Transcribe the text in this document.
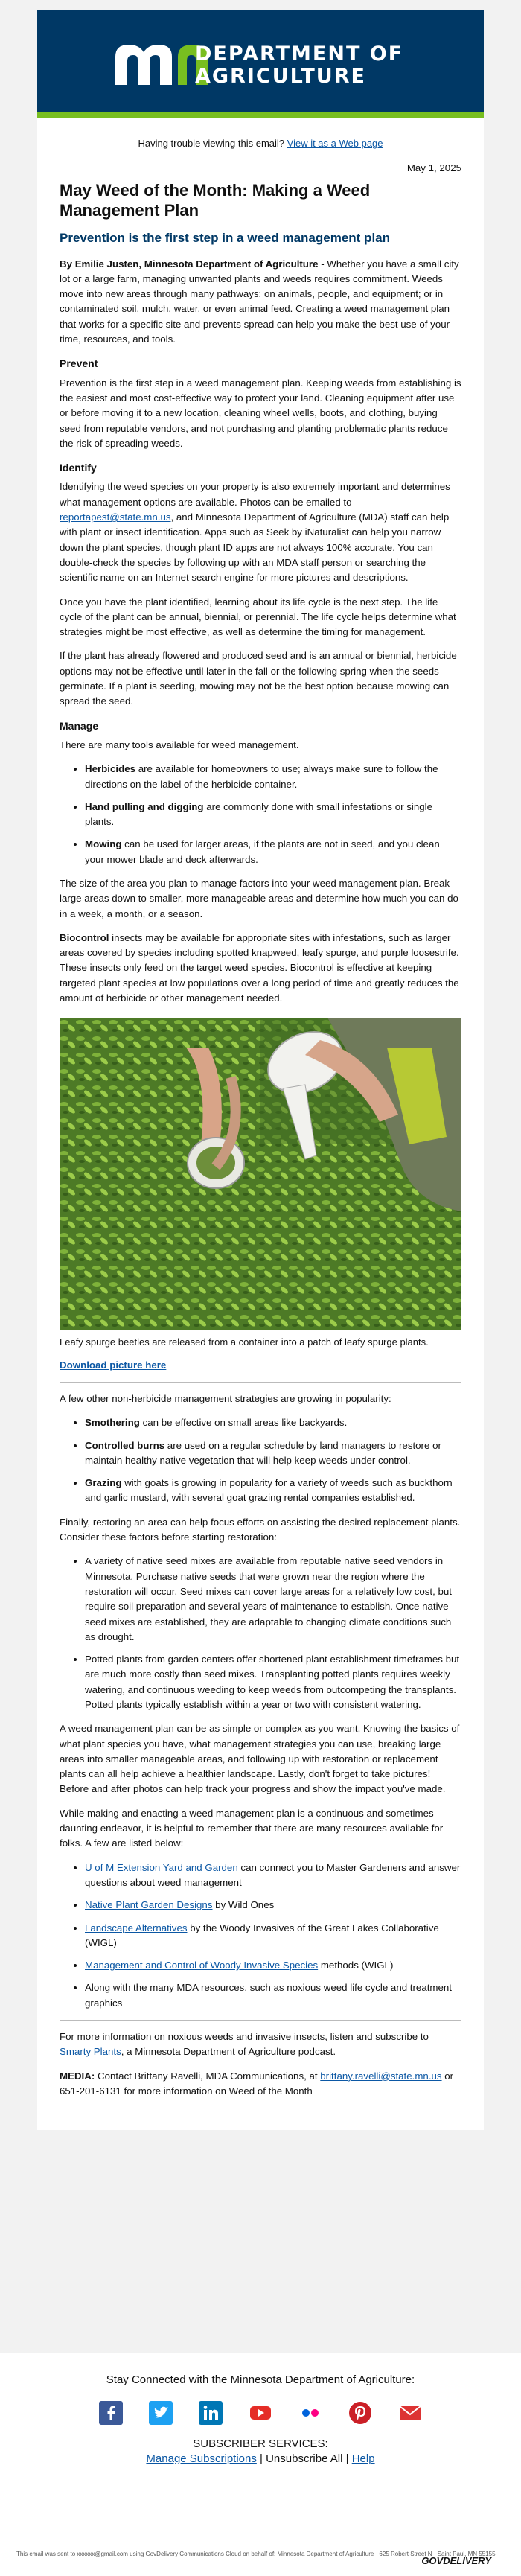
DEPARTMENT OF
AGRICULTURE
Having trouble viewing this email? View it as a Web page
May 1, 2025
May Weed of the Month: Making a Weed Management Plan
Prevention is the first step in a weed management plan

By Emilie Justen, Minnesota Department of Agriculture - Whether you have a small city lot or a large farm, managing unwanted plants and weeds requires commitment. Weeds move into new areas through many pathways: on animals, people, and equipment; or in contaminated soil, mulch, water, or even animal feed. Creating a weed management plan that works for a specific site and prevents spread can help you make the best use of your time, resources, and tools.

Prevent

Prevention is the first step in a weed management plan. Keeping weeds from establishing is the easiest and most cost-effective way to protect your land. Cleaning equipment after use or before moving it to a new location, cleaning wheel wells, boots, and clothing, buying seed from reputable vendors, and not purchasing and planting problematic plants reduce the risk of spreading weeds.

Identify

Identifying the weed species on your property is also extremely important and determines what management options are available. Photos can be emailed to reportapest@state.mn.us, and Minnesota Department of Agriculture (MDA) staff can help with plant or insect identification. Apps such as Seek by iNaturalist can help you narrow down the plant species, though plant ID apps are not always 100% accurate. You can double-check the species by following up with an MDA staff person or searching the scientific name on an Internet search engine for more pictures and descriptions.

Once you have the plant identified, learning about its life cycle is the next step. The life cycle of the plant can be annual, biennial, or perennial. The life cycle helps determine what strategies might be most effective, as well as determine the timing for management.

If the plant has already flowered and produced seed and is an annual or biennial, herbicide options may not be effective until later in the fall or the following spring when the seeds germinate. If a plant is seeding, mowing may not be the best option because mowing can spread the seed.

Manage

There are many tools available for weed management.

• Herbicides are available for homeowners to use; always make sure to follow the directions on the label of the herbicide container.
• Hand pulling and digging are commonly done with small infestations or single plants.
• Mowing can be used for larger areas, if the plants are not in seed, and you clean your mower blade and deck afterwards.

The size of the area you plan to manage factors into your weed management plan. Break large areas down to smaller, more manageable areas and determine how much you can do in a week, a month, or a season.

Biocontrol insects may be available for appropriate sites with infestations, such as larger areas covered by species including spotted knapweed, leafy spurge, and purple loosestrife. These insects only feed on the target weed species. Biocontrol is effective at keeping targeted plant species at low populations over a long period of time and greatly reduces the amount of herbicide or other management needed.

Leafy spurge beetles are released from a container into a patch of leafy spurge plants.

Download picture here

A few other non-herbicide management strategies are growing in popularity:

• Smothering can be effective on small areas like backyards.
• Controlled burns are used on a regular schedule by land managers to restore or maintain healthy native vegetation that will help keep weeds under control.
• Grazing with goats is growing in popularity for a variety of weeds such as buckthorn and garlic mustard, with several goat grazing rental companies established.

Finally, restoring an area can help focus efforts on assisting the desired replacement plants. Consider these factors before starting restoration:

• A variety of native seed mixes are available from reputable native seed vendors in Minnesota. Purchase native seeds that were grown near the region where the restoration will occur. Seed mixes can cover large areas for a relatively low cost, but require soil preparation and several years of maintenance to establish. Once native seed mixes are established, they are adaptable to changing climate conditions such as drought.
• Potted plants from garden centers offer shortened plant establishment timeframes but are much more costly than seed mixes. Transplanting potted plants requires weekly watering, and continuous weeding to keep weeds from outcompeting the transplants. Potted plants typically establish within a year or two with consistent watering.

A weed management plan can be as simple or complex as you want. Knowing the basics of what plant species you have, what management strategies you can use, breaking large areas into smaller manageable areas, and following up with restoration or replacement plants can all help achieve a healthier landscape. Lastly, don't forget to take pictures! Before and after photos can help track your progress and show the impact you've made.

While making and enacting a weed management plan is a continuous and sometimes daunting endeavor, it is helpful to remember that there are many resources available for folks. A few are listed below:

• U of M Extension Yard and Garden can connect you to Master Gardeners and answer questions about weed management
• Native Plant Garden Designs by Wild Ones
• Landscape Alternatives by the Woody Invasives of the Great Lakes Collaborative (WIGL)
• Management and Control of Woody Invasive Species methods (WIGL)
• Along with the many MDA resources, such as noxious weed life cycle and treatment graphics

For more information on noxious weeds and invasive insects, listen and subscribe to Smarty Plants, a Minnesota Department of Agriculture podcast.

MEDIA: Contact Brittany Ravelli, MDA Communications, at brittany.ravelli@state.mn.us or 651-201-6131 for more information on Weed of the Month

Stay Connected with the Minnesota Department of Agriculture:
SUBSCRIBER SERVICES:
Manage Subscriptions | Unsubscribe All | Help
This email was sent to xxxxxx@gmail.com using GovDelivery Communications Cloud on behalf of: Minnesota Department of Agriculture · 625 Robert Street N · Saint Paul, MN 55155
GOVDELIVERY
